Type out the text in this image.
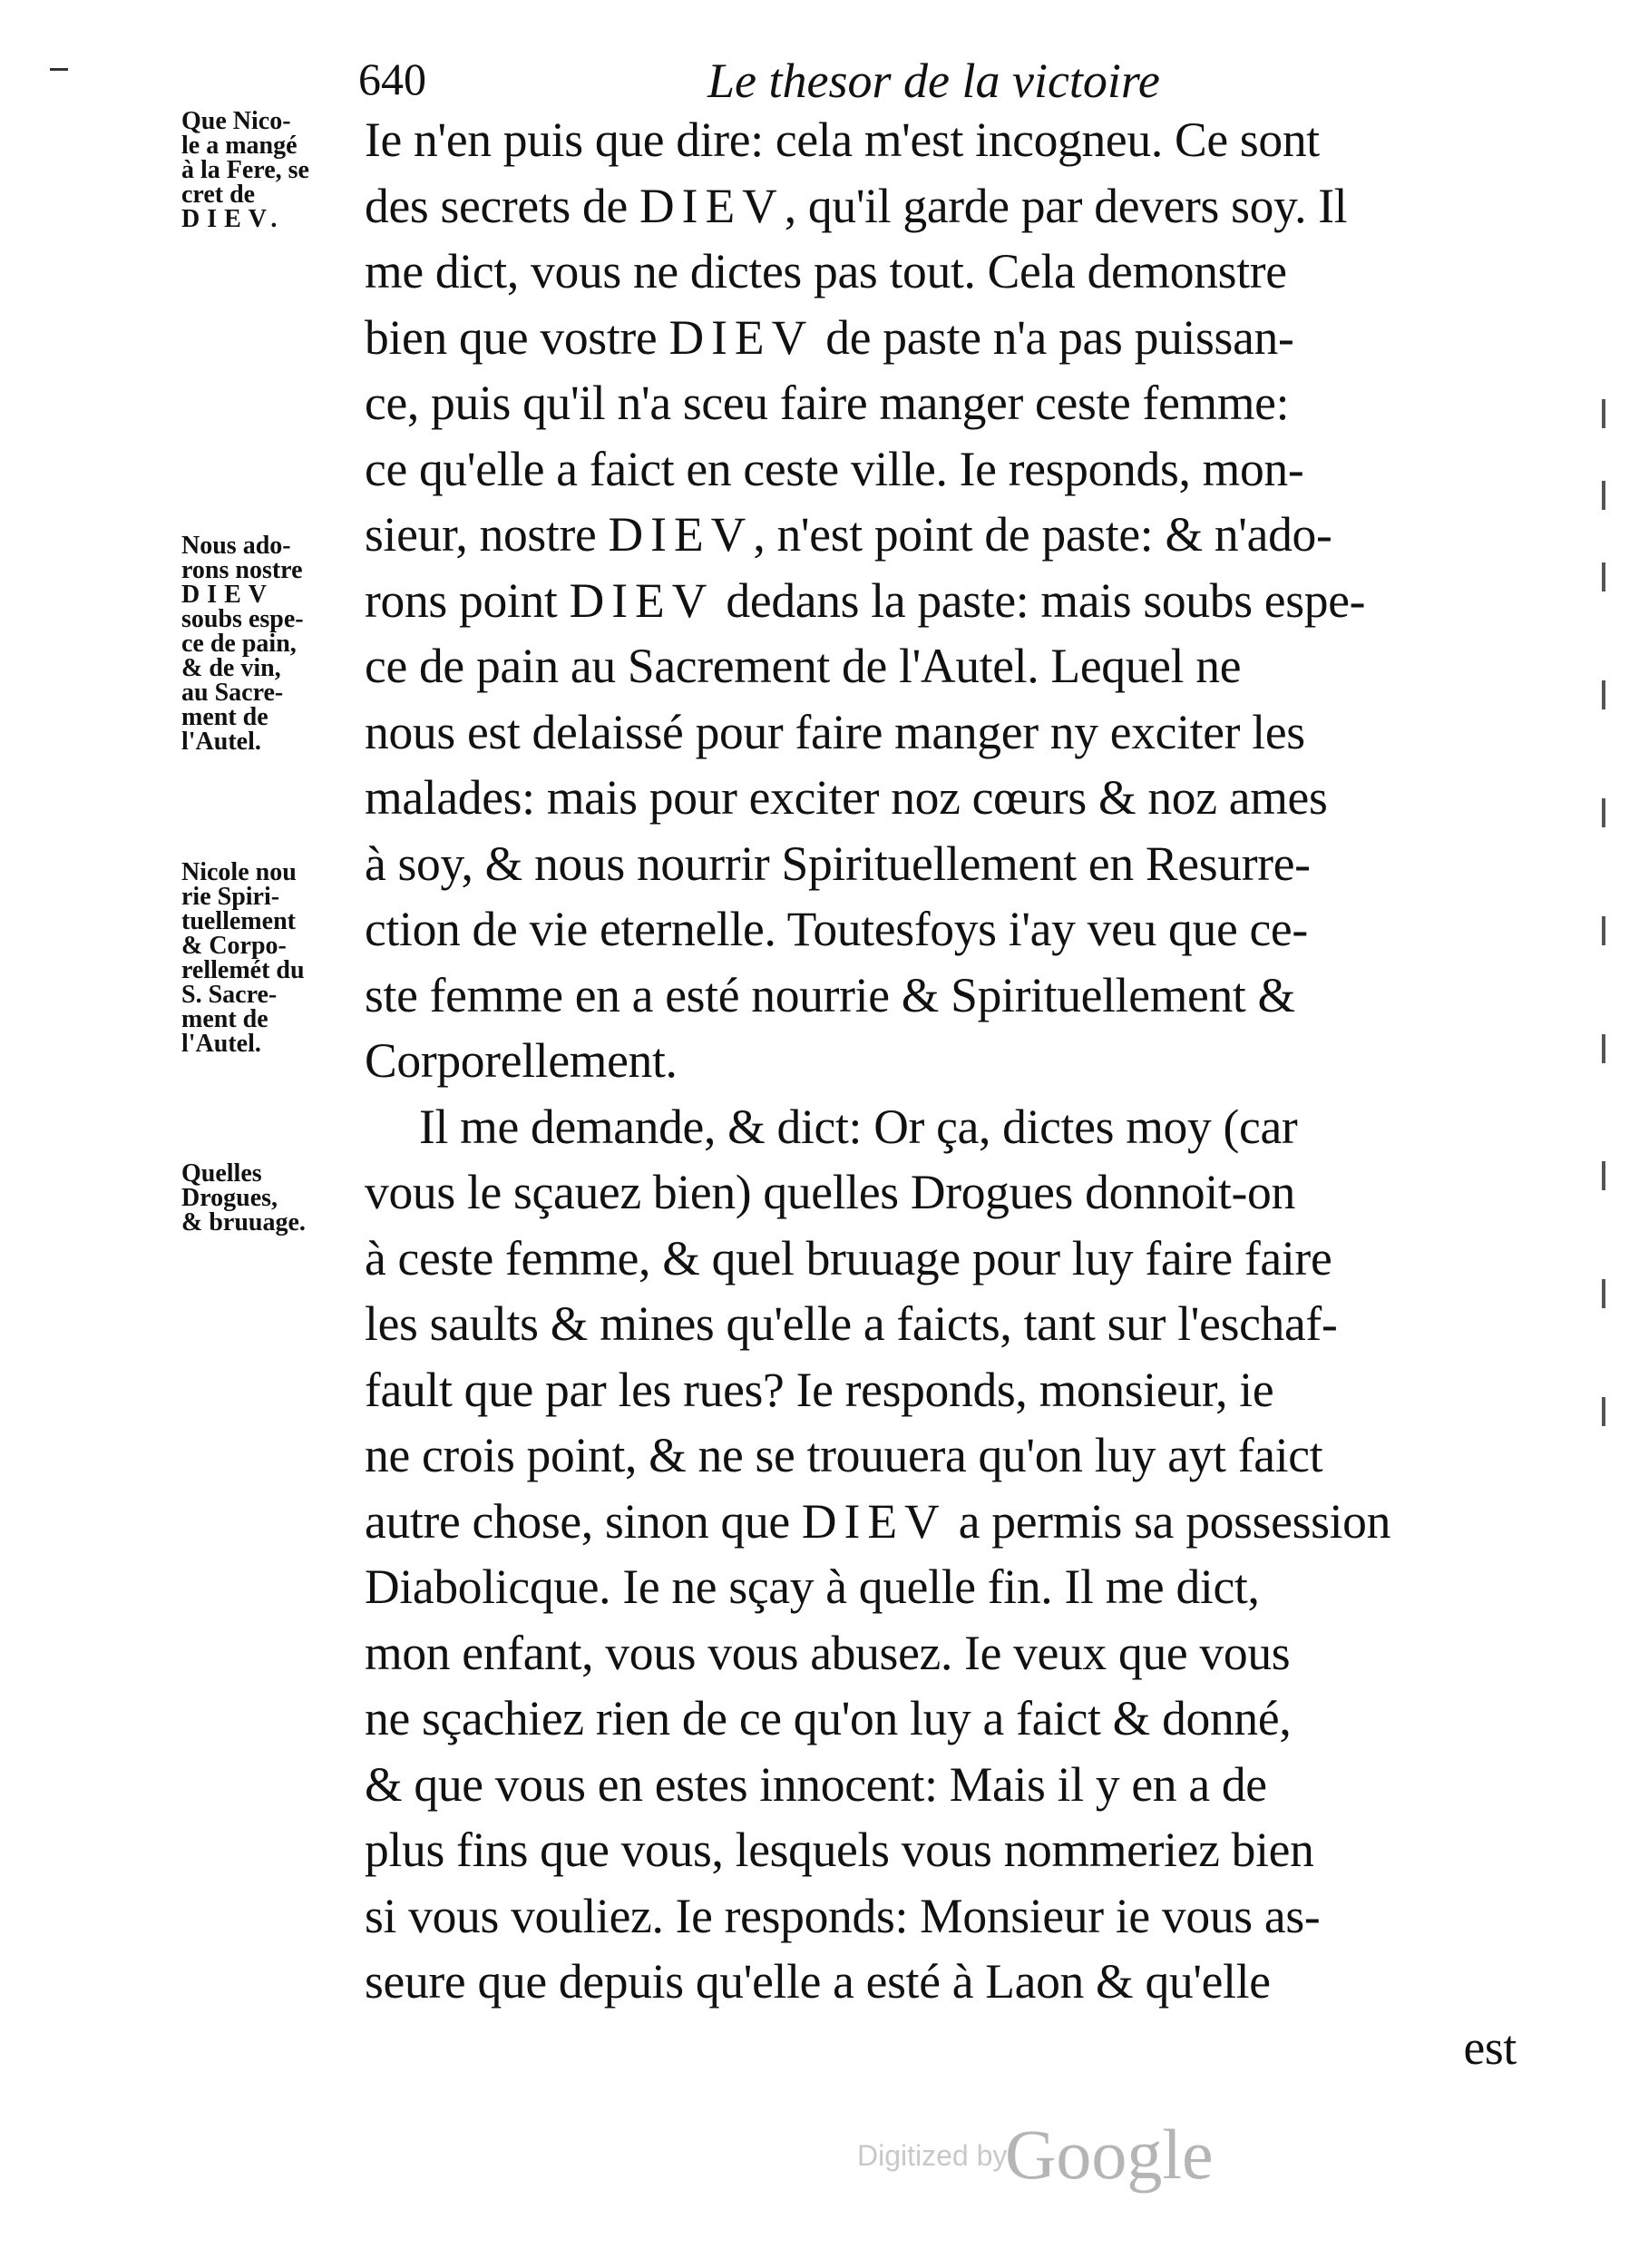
640	Le thesor de la victoire
Que Nico-
le a mangé
à la Fere, se
cret de
DIEV.
Nous ado-
rons nostre
DIEV
soubs espe-
ce de pain,
& de vin,
au Sacre-
ment de
l'Autel.
Nicole nou
rie Spiri-
tuellement
& Corpo-
rellemét du
S. Sacre-
ment de
l'Autel.
Quelles
Drogues,
& bruuage.
Ie n'en puis que dire: cela m'est incogneu. Ce sont
des secrets de DIEV, qu'il garde par devers soy. Il
me dict, vous ne dictes pas tout. Cela demonstre
bien que vostre DIEV de paste n'a pas puissan-
ce, puis qu'il n'a sceu faire manger ceste femme:
ce qu'elle a faict en ceste ville. Ie responds, mon-
sieur, nostre DIEV, n'est point de paste: & n'ado-
rons point DIEV dedans la paste: mais soubs espe-
ce de pain au Sacrement de l'Autel. Lequel ne
nous est delaissé pour faire manger ny exciter les
malades: mais pour exciter noz cœurs & noz ames
à soy, & nous nourrir Spirituellement en Resurre-
ction de vie eternelle. Toutesfoys i'ay veu que ce-
ste femme en a esté nourrie & Spirituellement &
Corporellement.
Il me demande, & dict: Or ça, dictes moy (car
vous le sçauez bien) quelles Drogues donnoit-on
à ceste femme, & quel bruuage pour luy faire faire
les saults & mines qu'elle a faicts, tant sur l'eschaf-
fault que par les rues? Ie responds, monsieur, ie
ne crois point, & ne se trouuera qu'on luy ayt faict
autre chose, sinon que DIEV a permis sa possession
Diabolicque. Ie ne sçay à quelle fin. Il me dict,
mon enfant, vous vous abusez. Ie veux que vous
ne sçachiez rien de ce qu'on luy a faict & donné,
& que vous en estes innocent: Mais il y en a de
plus fins que vous, lesquels vous nommeriez bien
si vous vouliez. Ie responds: Monsieur ie vous as-
seure que depuis qu'elle a esté à Laon & qu'elle
est
Digitized by
Google
